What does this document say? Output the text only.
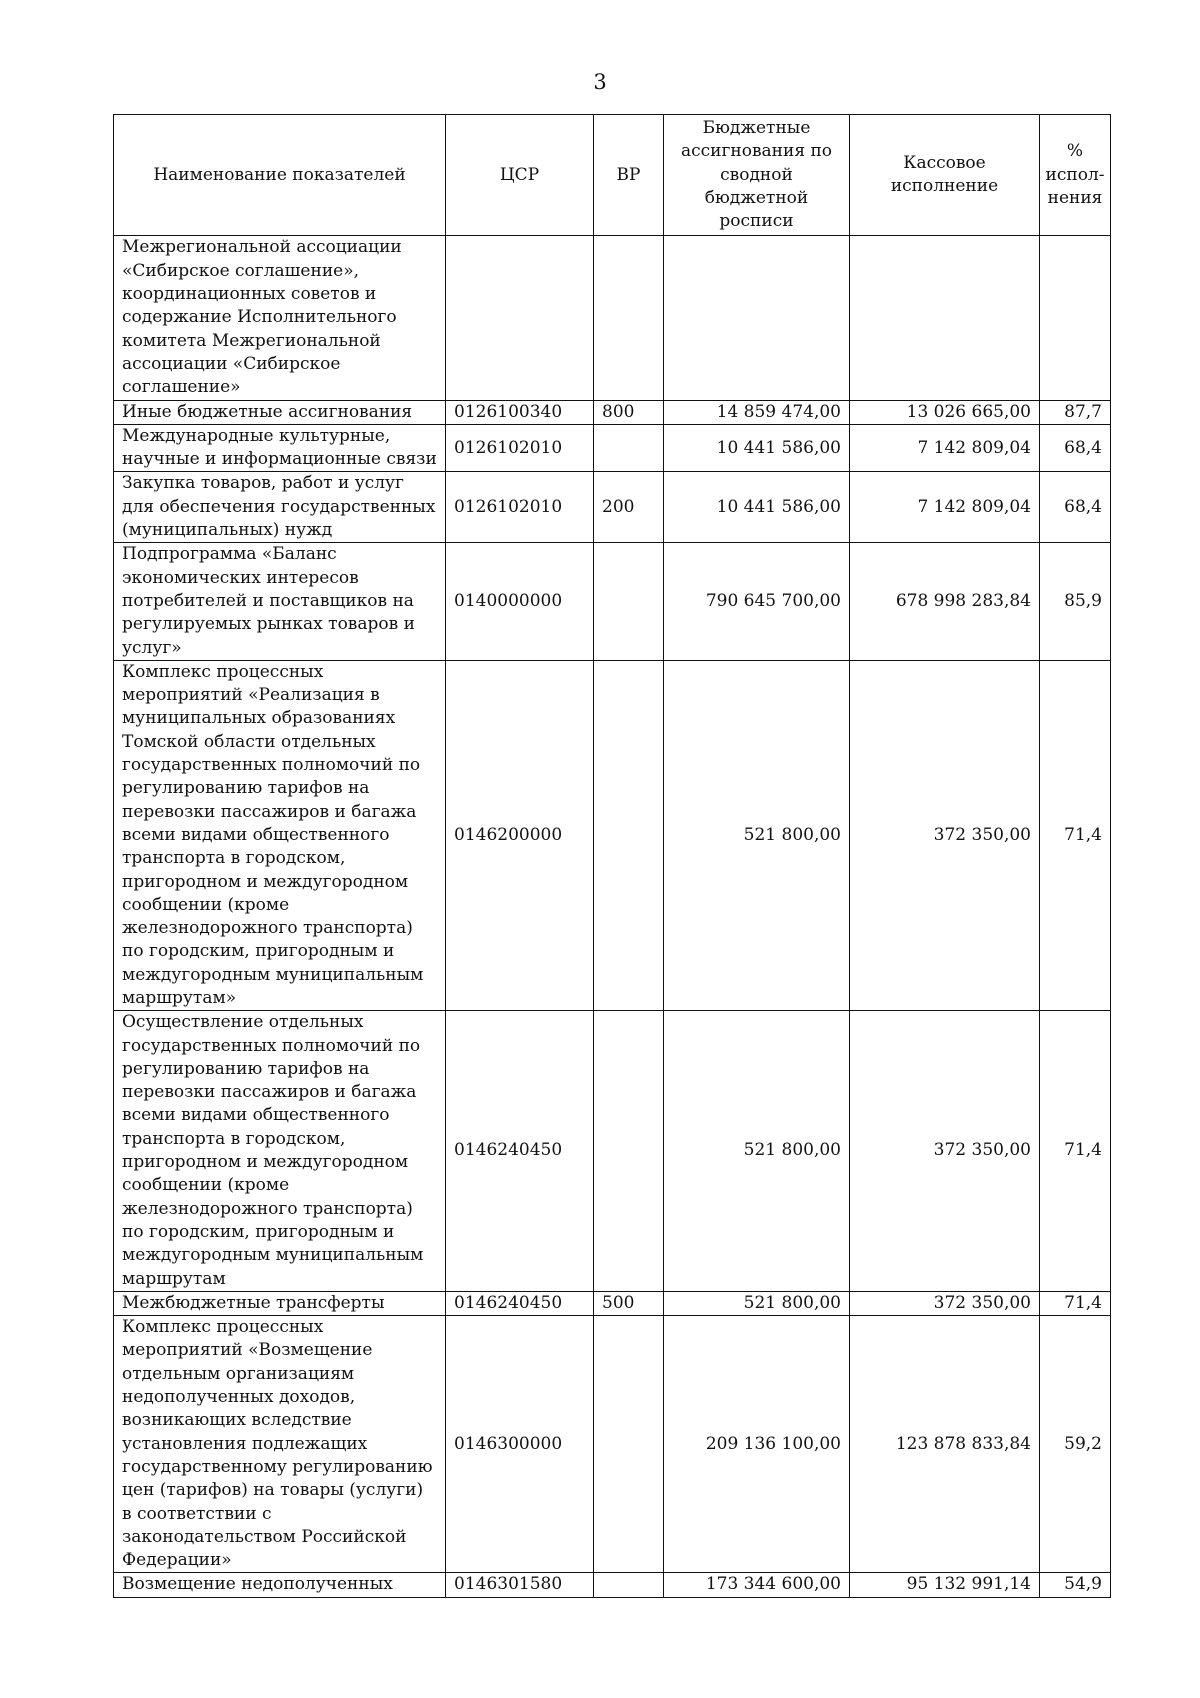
3
Наименование показателей	ЦСР	ВР	Бюджетные ассигнования по сводной бюджетной росписи	Кассовое исполнение	% испол-нения
Межрегиональной ассоциации «Сибирское соглашение», координационных советов и содержание Исполнительного комитета Межрегиональной ассоциации «Сибирское соглашение»					
Иные бюджетные ассигнования	0126100340	800	14 859 474,00	13 026 665,00	87,7
Международные культурные, научные и информационные связи	0126102010		10 441 586,00	7 142 809,04	68,4
Закупка товаров, работ и услуг для обеспечения государственных (муниципальных) нужд	0126102010	200	10 441 586,00	7 142 809,04	68,4
Подпрограмма «Баланс экономических интересов потребителей и поставщиков на регулируемых рынках товаров и услуг»	0140000000		790 645 700,00	678 998 283,84	85,9
Комплекс процессных мероприятий «Реализация в муниципальных образованиях Томской области отдельных государственных полномочий по регулированию тарифов на перевозки пассажиров и багажа всеми видами общественного транспорта в городском, пригородном и междугородном сообщении (кроме железнодорожного транспорта) по городским, пригородным и междугородным муниципальным маршрутам»	0146200000		521 800,00	372 350,00	71,4
Осуществление отдельных государственных полномочий по регулированию тарифов на перевозки пассажиров и багажа всеми видами общественного транспорта в городском, пригородном и междугородном сообщении (кроме железнодорожного транспорта) по городским, пригородным и междугородным муниципальным маршрутам	0146240450		521 800,00	372 350,00	71,4
Межбюджетные трансферты	0146240450	500	521 800,00	372 350,00	71,4
Комплекс процессных мероприятий «Возмещение отдельным организациям недополученных доходов, возникающих вследствие установления подлежащих государственному регулированию цен (тарифов) на товары (услуги) в соответствии с законодательством Российской Федерации»	0146300000		209 136 100,00	123 878 833,84	59,2
Возмещение недополученных	0146301580		173 344 600,00	95 132 991,14	54,9
